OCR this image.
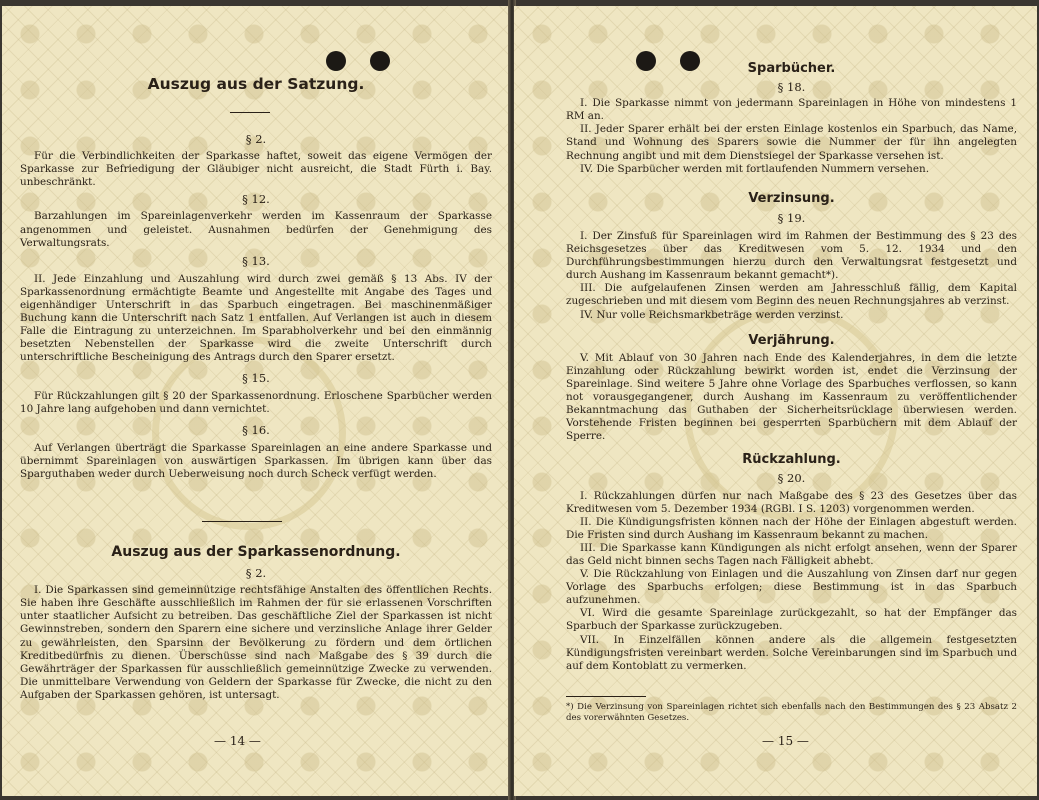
Auszug aus der Satzung.

§ 2.

Für die Verbindlichkeiten der Sparkasse haftet, soweit das eigene Vermögen der Sparkasse zur Befriedigung der Gläubiger nicht ausreicht, die Stadt Fürth i. Bay. unbeschränkt.

§ 12.

Barzahlungen im Spareinlagenverkehr werden im Kassenraum der Sparkasse angenommen und geleistet. Ausnahmen bedürfen der Genehmigung des Verwaltungsrats.

§ 13.

II. Jede Einzahlung und Auszahlung wird durch zwei gemäß § 13 Abs. IV der Sparkassenordnung ermächtigte Beamte und Angestellte mit Angabe des Tages und eigenhändiger Unterschrift in das Sparbuch eingetragen. Bei maschinenmäßiger Buchung kann die Unterschrift nach Satz 1 entfallen. Auf Verlangen ist auch in diesem Falle die Eintragung zu unterzeichnen. Im Sparabholverkehr und bei den einmännig besetzten Nebenstellen der Sparkasse wird die zweite Unterschrift durch unterschriftliche Bescheinigung des Antrags durch den Sparer ersetzt.

§ 15.

Für Rückzahlungen gilt § 20 der Sparkassenordnung. Erloschene Sparbücher werden 10 Jahre lang aufgehoben und dann vernichtet.

§ 16.

Auf Verlangen überträgt die Sparkasse Spareinlagen an eine andere Sparkasse und übernimmt Spareinlagen von auswärtigen Sparkassen. Im übrigen kann über das Sparguthaben weder durch Ueberweisung noch durch Scheck verfügt werden.

Auszug aus der Sparkassenordnung.

§ 2.

I. Die Sparkassen sind gemeinnützige rechtsfähige Anstalten des öffentlichen Rechts. Sie haben ihre Geschäfte ausschließlich im Rahmen der für sie erlassenen Vorschriften unter staatlicher Aufsicht zu betreiben. Das geschäftliche Ziel der Sparkassen ist nicht Gewinnstreben, sondern den Sparern eine sichere und verzinsliche Anlage ihrer Gelder zu gewährleisten, den Sparsinn der Bevölkerung zu fördern und dem örtlichen Kreditbedürfnis zu dienen. Überschüsse sind nach Maßgabe des § 39 durch die Gewährträger der Sparkassen für ausschließlich gemeinnützige Zwecke zu verwenden. Die unmittelbare Verwendung von Geldern der Sparkasse für Zwecke, die nicht zu den Aufgaben der Sparkassen gehören, ist untersagt.

— 14 —
Sparbücher.

§ 18.

I. Die Sparkasse nimmt von jedermann Spareinlagen in Höhe von mindestens 1 RM an.

II. Jeder Sparer erhält bei der ersten Einlage kostenlos ein Sparbuch, das Name, Stand und Wohnung des Sparers sowie die Nummer der für ihn angelegten Rechnung angibt und mit dem Dienstsiegel der Sparkasse versehen ist.

IV. Die Sparbücher werden mit fortlaufenden Nummern versehen.

Verzinsung.

§ 19.

I. Der Zinsfuß für Spareinlagen wird im Rahmen der Bestimmung des § 23 des Reichsgesetzes über das Kreditwesen vom 5. 12. 1934 und den Durchführungsbestimmungen hierzu durch den Verwaltungsrat festgesetzt und durch Aushang im Kassenraum bekannt gemacht*).

III. Die aufgelaufenen Zinsen werden am Jahresschluß fällig, dem Kapital zugeschrieben und mit diesem vom Beginn des neuen Rechnungsjahres ab verzinst.

IV. Nur volle Reichsmarkbeträge werden verzinst.

Verjährung.

V. Mit Ablauf von 30 Jahren nach Ende des Kalenderjahres, in dem die letzte Einzahlung oder Rückzahlung bewirkt worden ist, endet die Verzinsung der Spareinlage. Sind weitere 5 Jahre ohne Vorlage des Sparbuches verflossen, so kann not vorausgegangener, durch Aushang im Kassenraum zu veröffentlichender Bekanntmachung das Guthaben der Sicherheitsrücklage überwiesen werden. Vorstehende Fristen beginnen bei gesperrten Sparbüchern mit dem Ablauf der Sperre.

Rückzahlung.

§ 20.

I. Rückzahlungen dürfen nur nach Maßgabe des § 23 des Gesetzes über das Kreditwesen vom 5. Dezember 1934 (RGBl. I S. 1203) vorgenommen werden.

II. Die Kündigungsfristen können nach der Höhe der Einlagen abgestuft werden. Die Fristen sind durch Aushang im Kassenraum bekannt zu machen.

III. Die Sparkasse kann Kündigungen als nicht erfolgt ansehen, wenn der Sparer das Geld nicht binnen sechs Tagen nach Fälligkeit abhebt.

V. Die Rückzahlung von Einlagen und die Auszahlung von Zinsen darf nur gegen Vorlage des Sparbuchs erfolgen; diese Bestimmung ist in das Sparbuch aufzunehmen.

VI. Wird die gesamte Spareinlage zurückgezahlt, so hat der Empfänger das Sparbuch der Sparkasse zurückzugeben.

VII. In Einzelfällen können andere als die allgemein festgesetzten Kündigungsfristen vereinbart werden. Solche Vereinbarungen sind im Sparbuch und auf dem Kontoblatt zu vermerken.

*) Die Verzinsung von Spareinlagen richtet sich ebenfalls nach den Bestimmungen des § 23 Absatz 2 des vorerwähnten Gesetzes.
— 15 —
